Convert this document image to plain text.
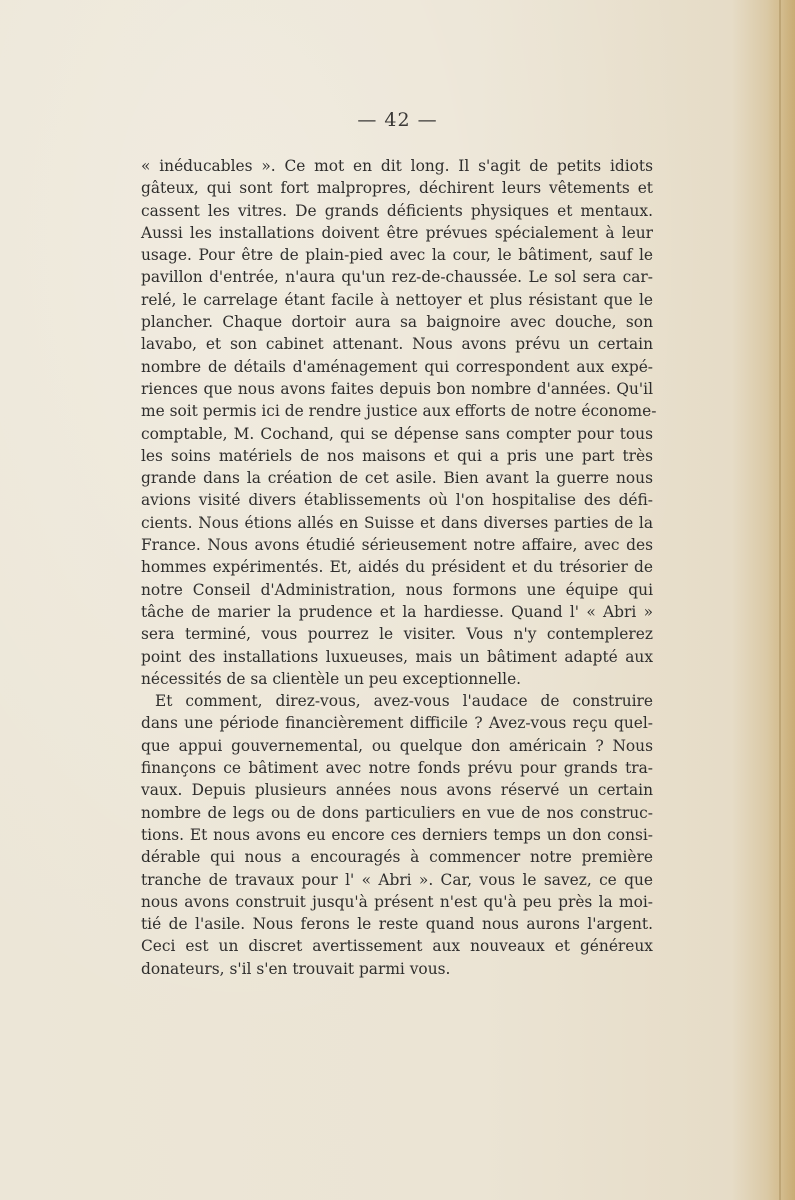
— 42 —
« inéducables ». Ce mot en dit long. Il s'agit de petits idiots
gâteux, qui sont fort malpropres, déchirent leurs vêtements et
cassent les vitres. De grands déficients physiques et mentaux.
Aussi les installations doivent être prévues spécialement à leur
usage. Pour être de plain-pied avec la cour, le bâtiment, sauf le
pavillon d'entrée, n'aura qu'un rez-de-chaussée. Le sol sera car-
relé, le carrelage étant facile à nettoyer et plus résistant que le
plancher. Chaque dortoir aura sa baignoire avec douche, son
lavabo, et son cabinet attenant. Nous avons prévu un certain
nombre de détails d'aménagement qui correspondent aux expé-
riences que nous avons faites depuis bon nombre d'années. Qu'il
me soit permis ici de rendre justice aux efforts de notre économe-
comptable, M. Cochand, qui se dépense sans compter pour tous
les soins matériels de nos maisons et qui a pris une part très
grande dans la création de cet asile. Bien avant la guerre nous
avions visité divers établissements où l'on hospitalise des défi-
cients. Nous étions allés en Suisse et dans diverses parties de la
France. Nous avons étudié sérieusement notre affaire, avec des
hommes expérimentés. Et, aidés du président et du trésorier de
notre Conseil d'Administration, nous formons une équipe qui
tâche de marier la prudence et la hardiesse. Quand l' « Abri »
sera terminé, vous pourrez le visiter. Vous n'y contemplerez
point des installations luxueuses, mais un bâtiment adapté aux
nécessités de sa clientèle un peu exceptionnelle.
Et comment, direz-vous, avez-vous l'audace de construire
dans une période financièrement difficile ? Avez-vous reçu quel-
que appui gouvernemental, ou quelque don américain ? Nous
finançons ce bâtiment avec notre fonds prévu pour grands tra-
vaux. Depuis plusieurs années nous avons réservé un certain
nombre de legs ou de dons particuliers en vue de nos construc-
tions. Et nous avons eu encore ces derniers temps un don consi-
dérable qui nous a encouragés à commencer notre première
tranche de travaux pour l' « Abri ». Car, vous le savez, ce que
nous avons construit jusqu'à présent n'est qu'à peu près la moi-
tié de l'asile. Nous ferons le reste quand nous aurons l'argent.
Ceci est un discret avertissement aux nouveaux et généreux
donateurs, s'il s'en trouvait parmi vous.
